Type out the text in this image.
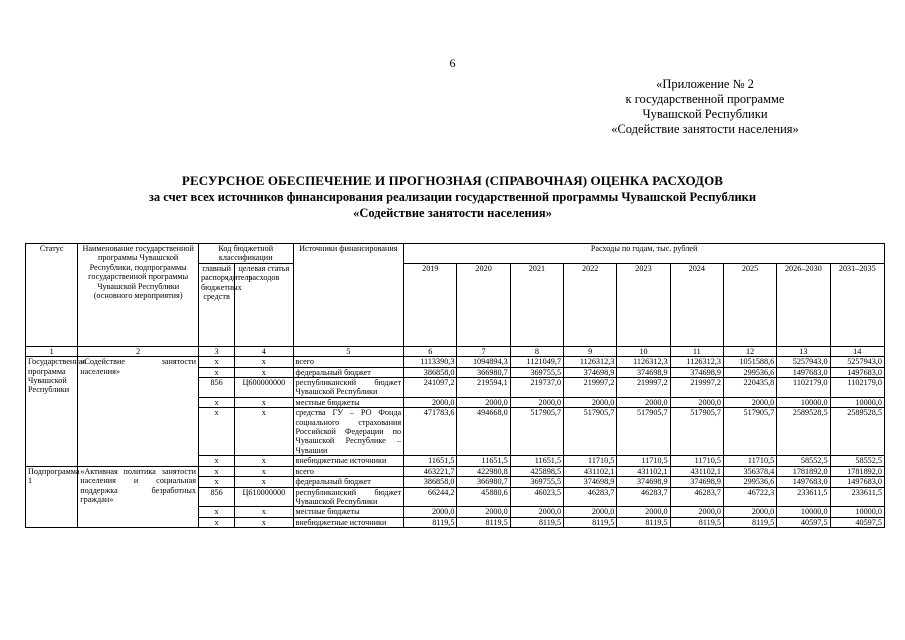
6
«Приложение № 2
к государственной программе
Чувашской Республики
«Содействие занятости населения»
РЕСУРСНОЕ ОБЕСПЕЧЕНИЕ И ПРОГНОЗНАЯ (СПРАВОЧНАЯ) ОЦЕНКА РАСХОДОВ
за счет всех источников финансирования реализации государственной программы Чувашской Республики
«Содействие занятости населения»
Статус	Наименование государственной программы Чувашской Республики, подпрограммы государственной программы Чувашской Республики (основного мероприятия)	Код бюджетной классификации		Источники финансирования	Расходы по годам, тыс. рублей								
		главный распорядитель бюджетных средств	целевая статья расходов		2019	2020	2021	2022	2023	2024	2025	2026–2030	2031–2035

1	2	3	4	5	6	7	8	9	10	11	12	13	14
Государственная программа Чувашской Республики	«Содействие занятости населения»	x	x	всего	1113390,3	1094894,3	1121049,7	1126312,3	1126312,3	1126312,3	1051588,6	5257943,0	5257943,0
		x	x	федеральный бюджет	386858,0	366980,7	369755,5	374698,9	374698,9	374698,9	299536,6	1497683,0	1497683,0
		856	Ц600000000	республиканский бюджет Чувашской Республики	241097,2	219594,1	219737,0	219997,2	219997,2	219997,2	220435,8	1102179,0	1102179,0
		x	x	местные бюджеты	2000,0	2000,0	2000,0	2000,0	2000,0	2000,0	2000,0	10000,0	10000,0
		x	x	средства ГУ – РО Фонда социального страхования Российской Федерации по Чувашской Республике – Чувашии	471783,6	494668,0	517905,7	517905,7	517905,7	517905,7	517905,7	2589528,5	2589528,5
		x	x	внебюджетные источники	11651,5	11651,5	11651,5	11710,5	11710,5	11710,5	11710,5	58552,5	58552,5
Подпрограмма 1	«Активная политика занятости населения и социальная поддержка безработных граждан»	x	x	всего	463221,7	422980,8	425898,5	431102,1	431102,1	431102,1	356378,4	1781892,0	1781892,0
		x	x	федеральный бюджет	386858,0	366980,7	369755,5	374698,9	374698,9	374698,9	299536,6	1497683,0	1497683,0
		856	Ц610000000	республиканский бюджет Чувашской Республики	66244,2	45880,6	46023,5	46283,7	46283,7	46283,7	46722,3	233611,5	233611,5
		x	x	местные бюджеты	2000,0	2000,0	2000,0	2000,0	2000,0	2000,0	2000,0	10000,0	10000,0
		x	x	внебюджетные источники	8119,5	8119,5	8119,5	8119,5	8119,5	8119,5	8119,5	40597,5	40597,5
